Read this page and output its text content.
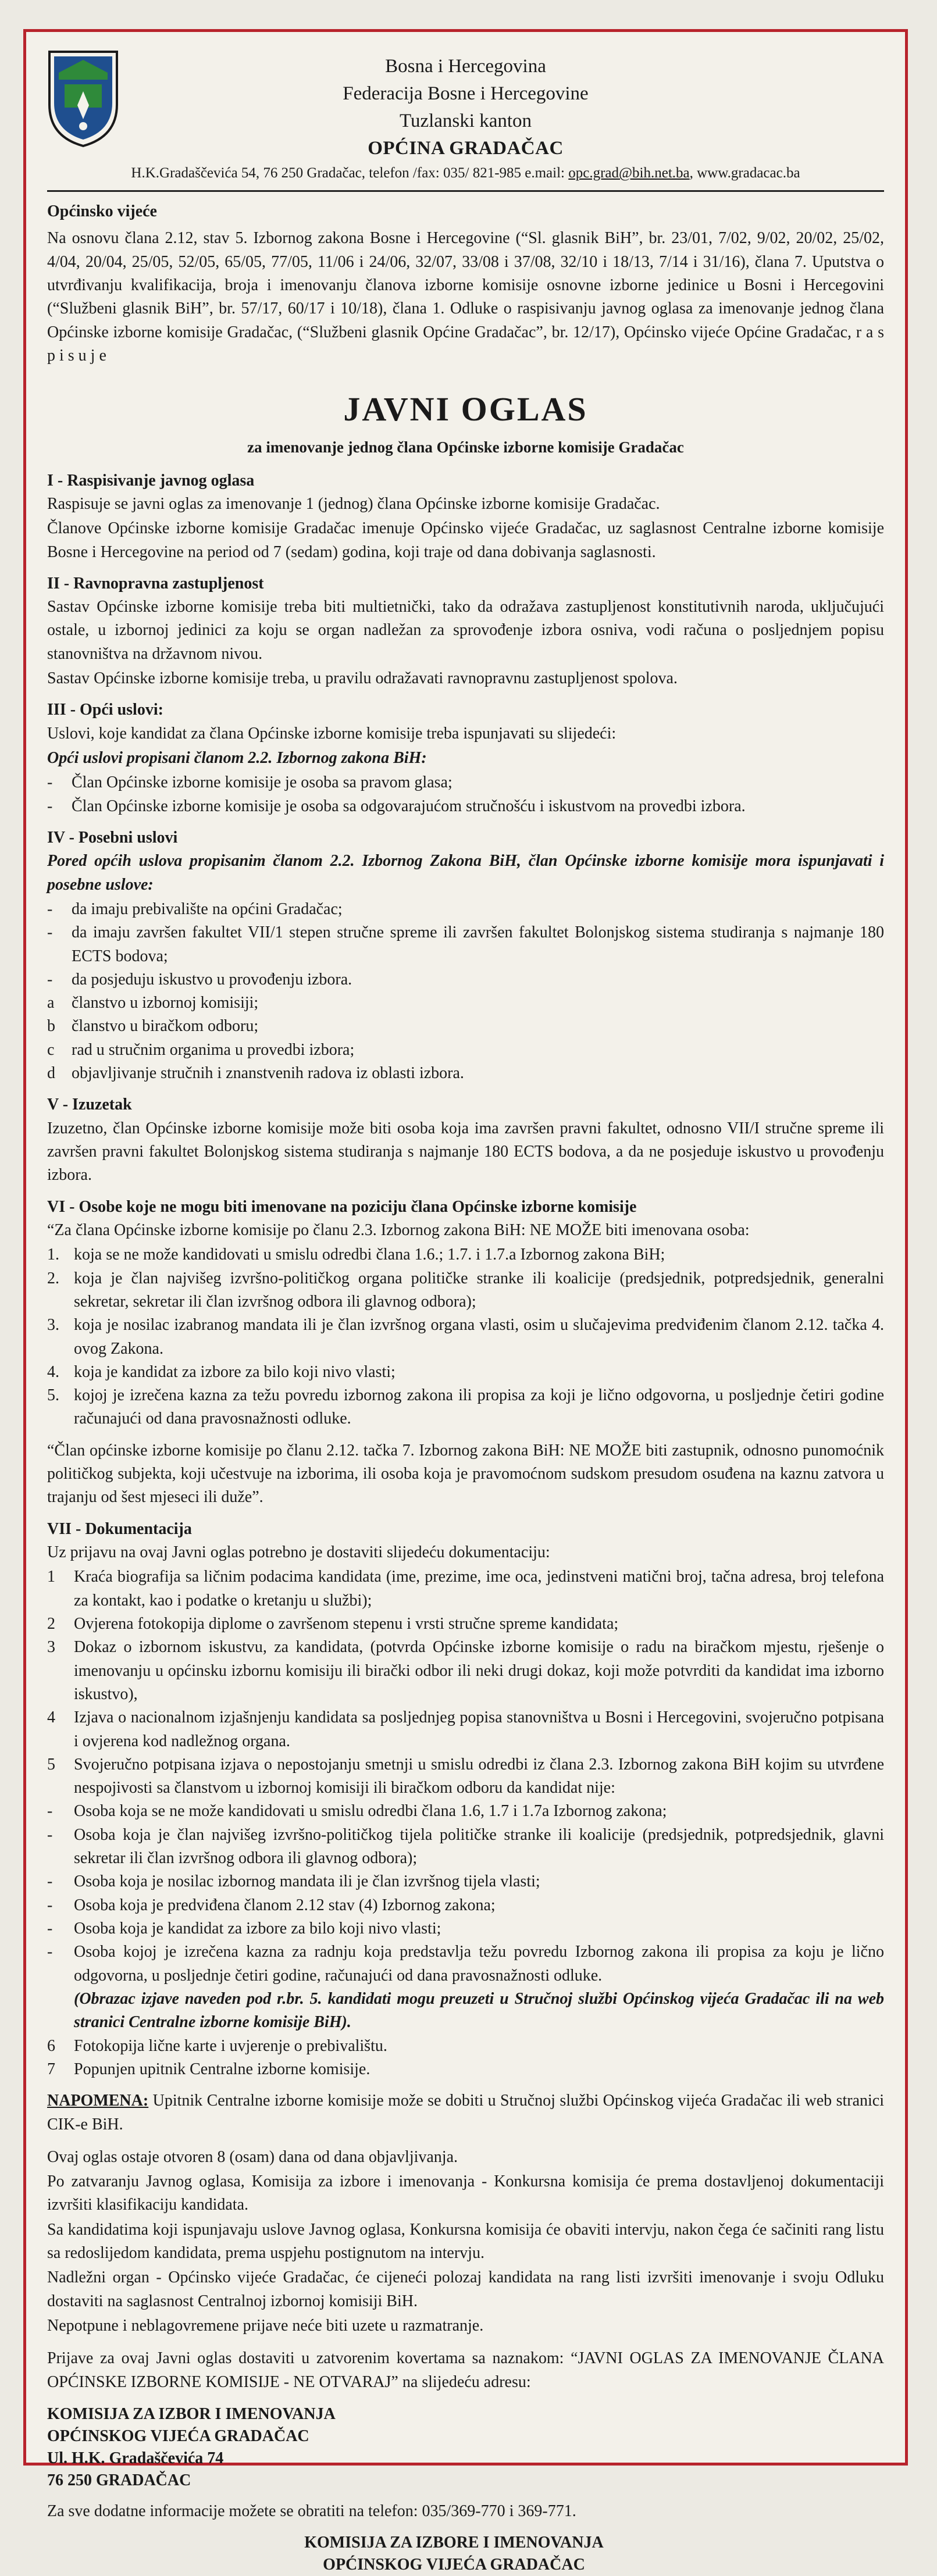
Bosna i Hercegovina
Federacija Bosne i Hercegovine
Tuzlanski kanton
OPĆINA GRADAČAC
H.K.Gradaščevića 54, 76 250 Gradačac, telefon /fax: 035/ 821-985 e.mail: opc.grad@bih.net.ba, www.gradacac.ba
Općinsko vijeće

Na osnovu člana 2.12, stav 5. Izbornog zakona Bosne i Hercegovine (“Sl. glasnik BiH”, br. 23/01, 7/02, 9/02, 20/02, 25/02, 4/04, 20/04, 25/05, 52/05, 65/05, 77/05, 11/06 i 24/06, 32/07, 33/08 i 37/08, 32/10 i 18/13, 7/14 i 31/16), člana 7. Uputstva o utvrđivanju kvalifikacija, broja i imenovanju članova izborne komisije osnovne izborne jedinice u Bosni i Hercegovini (“Službeni glasnik BiH”, br. 57/17, 60/17 i 10/18), člana 1. Odluke o raspisivanju javnog oglasa za imenovanje jednog člana Općinske izborne komisije Gradačac, (“Službeni glasnik Općine Gradačac”, br. 12/17), Općinsko vijeće Općine Gradačac, r a s p i s u j e

JAVNI OGLAS
za imenovanje jednog člana Općinske izborne komisije Gradačac
I - Raspisivanje javnog oglasa

Raspisuje se javni oglas za imenovanje 1 (jednog) člana Općinske izborne komisije Gradačac.

Članove Općinske izborne komisije Gradačac imenuje Općinsko vijeće Gradačac, uz saglasnost Centralne izborne komisije Bosne i Hercegovine na period od 7 (sedam) godina, koji traje od dana dobivanja saglasnosti.

II - Ravnopravna zastupljenost

Sastav Općinske izborne komisije treba biti multietnički, tako da odražava zastupljenost konstitutivnih naroda, uključujući ostale, u izbornoj jedinici za koju se organ nadležan za sprovođenje izbora osniva, vodi računa o posljednjem popisu stanovništva na državnom nivou.

Sastav Općinske izborne komisije treba, u pravilu odražavati ravnopravnu zastupljenost spolova.

III - Opći uslovi:

Uslovi, koje kandidat za člana Općinske izborne komisije treba ispunjavati su slijedeći:

Opći uslovi propisani članom 2.2. Izbornog zakona BiH:

-	Član Općinske izborne komisije je osoba sa pravom glasa;
-	Član Općinske izborne komisije je osoba sa odgovarajućom stručnošću i iskustvom na provedbi izbora.
IV - Posebni uslovi

Pored općih uslova propisanim članom 2.2. Izbornog Zakona BiH, član Općinske izborne komisije mora ispunjavati i posebne uslove:

-	da imaju prebivalište na općini Gradačac;
-	da imaju završen fakultet VII/1 stepen stručne spreme ili završen fakultet Bolonjskog sistema studiranja s najmanje 180 ECTS bodova;
-	da posjeduju iskustvo u provođenju izbora.
a	članstvo u izbornoj komisiji;
b	članstvo u biračkom odboru;
c	rad u stručnim organima u provedbi izbora;
d	objavljivanje stručnih i znanstvenih radova iz oblasti izbora.
V - Izuzetak

Izuzetno, član Općinske izborne komisije može biti osoba koja ima završen pravni fakultet, odnosno VII/I stručne spreme ili završen pravni fakultet Bolonjskog sistema studiranja s najmanje 180 ECTS bodova, a da ne posjeduje iskustvo u provođenju izbora.

VI - Osobe koje ne mogu biti imenovane na poziciju člana Općinske izborne komisije

“Za člana Općinske izborne komisije po članu 2.3. Izbornog zakona BiH: NE MOŽE biti imenovana osoba:

1. koja se ne može kandidovati u smislu odredbi člana 1.6.; 1.7. i 1.7.a Izbornog zakona BiH;
2. koja je član najvišeg izvršno-političkog organa političke stranke ili koalicije (predsjednik, potpredsjednik, generalni sekretar, sekretar ili član izvršnog odbora ili glavnog odbora);
3. koja je nosilac izabranog mandata ili je član izvršnog organa vlasti, osim u slučajevima predviđenim članom 2.12. tačka 4. ovog Zakona.
4. koja je kandidat za izbore za bilo koji nivo vlasti;
5. kojoj je izrečena kazna za težu povredu izbornog zakona ili propisa za koji je lično odgovorna, u posljednje četiri godine računajući od dana pravosnažnosti odluke.

“Član općinske izborne komisije po članu 2.12. tačka 7. Izbornog zakona BiH: NE MOŽE biti zastupnik, odnosno punomoćnik političkog subjekta, koji učestvuje na izborima, ili osoba koja je pravomoćnom sudskom presudom osuđena na kaznu zatvora u trajanju od šest mjeseci ili duže”.

VII - Dokumentacija

Uz prijavu na ovaj Javni oglas potrebno je dostaviti slijedeću dokumentaciju:

1	Kraća biografija sa ličnim podacima kandidata (ime, prezime, ime oca, jedinstveni matični broj, tačna adresa, broj telefona za kontakt, kao i podatke o kretanju u službi);
2	Ovjerena fotokopija diplome o završenom stepenu i vrsti stručne spreme kandidata;
3	Dokaz o izbornom iskustvu, za kandidata, (potvrda Općinske izborne komisije o radu na biračkom mjestu, rješenje o imenovanju u općinsku izbornu komisiju ili birački odbor ili neki drugi dokaz, koji može potvrditi da kandidat ima izborno iskustvo),
4	Izjava o nacionalnom izjašnjenju kandidata sa posljednjeg popisa stanovništva u Bosni i Hercegovini, svojeručno potpisana i ovjerena kod nadležnog organa.
5	Svojeručno potpisana izjava o nepostojanju smetnji u smislu odredbi iz člana 2.3. Izbornog zakona BiH kojim su utvrđene nespojivosti sa članstvom u izbornoj komisiji ili biračkom odboru da kandidat nije:
-	Osoba koja se ne može kandidovati u smislu odredbi člana 1.6, 1.7 i 1.7a Izbornog zakona;
-	Osoba koja je član najvišeg izvršno-političkog tijela političke stranke ili koalicije (predsjednik, potpredsjednik, glavni sekretar ili član izvršnog odbora ili glavnog odbora);
-	Osoba koja je nosilac izbornog mandata ili je član izvršnog tijela vlasti;
-	Osoba koja je predviđena članom 2.12 stav (4) Izbornog zakona;
-	Osoba koja je kandidat za izbore za bilo koji nivo vlasti;
-	Osoba kojoj je izrečena kazna za radnju koja predstavlja težu povredu Izbornog zakona ili propisa za koju je lično odgovorna, u posljednje četiri godine, računajući od dana pravosnažnosti odluke.
(Obrazac izjave naveden pod r.br. 5. kandidati mogu preuzeti u Stručnoj službi Općinskog vijeća Gradačac ili na web stranici Centralne izborne komisije BiH).
6	Fotokopija lične karte i uvjerenje o prebivalištu.
7	Popunjen upitnik Centralne izborne komisije.

NAPOMENA: Upitnik Centralne izborne komisije može se dobiti u Stručnoj službi Općinskog vijeća Gradačac ili web stranici CIK-e BiH.

Ovaj oglas ostaje otvoren 8 (osam) dana od dana objavljivanja.

Po zatvaranju Javnog oglasa, Komisija za izbore i imenovanja - Konkursna komisija će prema dostavljenoj dokumentaciji izvršiti klasifikaciju kandidata.

Sa kandidatima koji ispunjavaju uslove Javnog oglasa, Konkursna komisija će obaviti intervju, nakon čega će sačiniti rang listu sa redoslijedom kandidata, prema uspjehu postignutom na intervju.

Nadležni organ - Općinsko vijeće Gradačac, će cijeneći polozaj kandidata na rang listi izvršiti imenovanje i svoju Odluku dostaviti na saglasnost Centralnoj izbornoj komisiji BiH.

Nepotpune i neblagovremene prijave neće biti uzete u razmatranje.

Prijave za ovaj Javni oglas dostaviti u zatvorenim kovertama sa naznakom: “JAVNI OGLAS ZA IMENOVANJE ČLANA OPĆINSKE IZBORNE KOMISIJE - NE OTVARAJ” na slijedeću adresu:

KOMISIJA ZA IZBOR I IMENOVANJA
OPĆINSKOG VIJEĆA GRADAČAC
Ul. H.K. Gradaščevića 74
76 250 GRADAČAC

Za sve dodatne informacije možete se obratiti na telefon: 035/369-770 i 369-771.

KOMISIJA ZA IZBORE I IMENOVANJA
OPĆINSKOG VIJEĆA GRADAČAC
